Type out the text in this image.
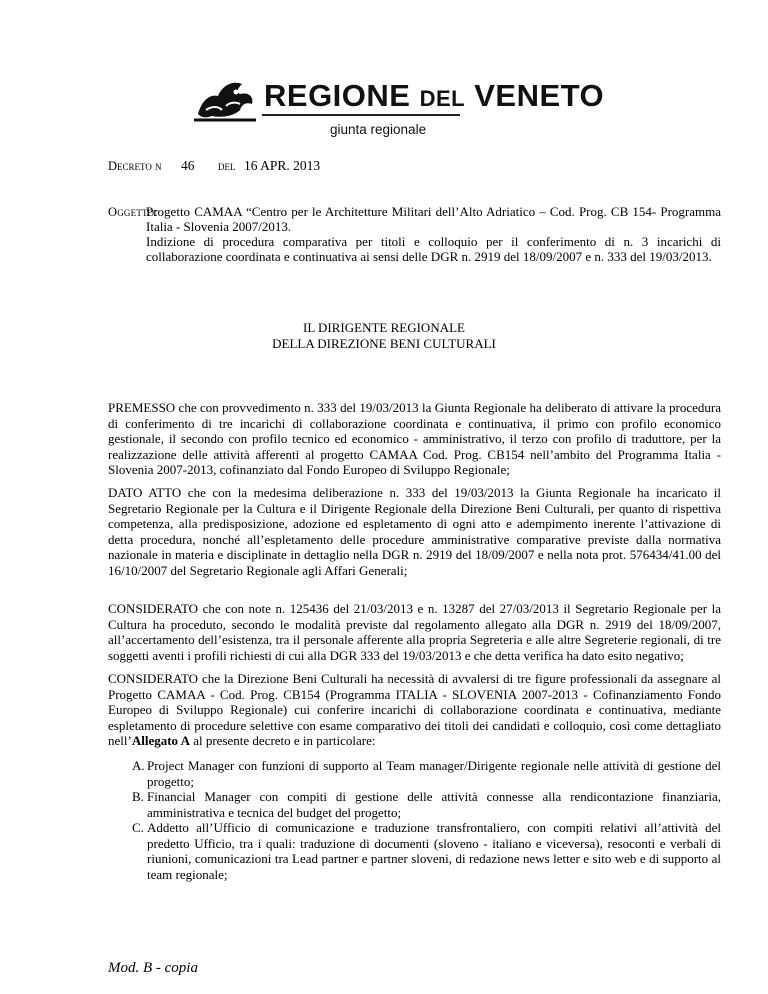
REGIONE DEL VENETO
giunta regionale
Decreto n 46 del 16 APR. 2013
Oggetto:
Progetto CAMAA “Centro per le Architetture Militari dell’Alto Adriatico – Cod. Prog. CB 154- Programma Italia - Slovenia 2007/2013.
Indizione di procedura comparativa per titoli e colloquio per il conferimento di n. 3 incarichi di collaborazione coordinata e continuativa ai sensi delle DGR n. 2919 del 18/09/2007 e n. 333 del 19/03/2013.
IL DIRIGENTE REGIONALE
DELLA DIREZIONE BENI CULTURALI
PREMESSO che con provvedimento n. 333 del 19/03/2013 la Giunta Regionale ha deliberato di attivare la procedura di conferimento di tre incarichi di collaborazione coordinata e continuativa, il primo con profilo economico gestionale, il secondo con profilo tecnico ed economico - amministrativo, il terzo con profilo di traduttore, per la realizzazione delle attività afferenti al progetto CAMAA Cod. Prog. CB154 nell’ambito del Programma Italia - Slovenia 2007-2013, cofinanziato dal Fondo Europeo di Sviluppo Regionale;
DATO ATTO che con la medesima deliberazione n. 333 del 19/03/2013 la Giunta Regionale ha incaricato il Segretario Regionale per la Cultura e il Dirigente Regionale della Direzione Beni Culturali, per quanto di rispettiva competenza, alla predisposizione, adozione ed espletamento di ogni atto e adempimento inerente l’attivazione di detta procedura, nonché all’espletamento delle procedure amministrative comparative previste dalla normativa nazionale in materia e disciplinate in dettaglio nella DGR n. 2919 del 18/09/2007 e nella nota prot. 576434/41.00 del 16/10/2007 del Segretario Regionale agli Affari Generali;
CONSIDERATO che con note n. 125436 del 21/03/2013 e n. 13287 del 27/03/2013 il Segretario Regionale per la Cultura ha proceduto, secondo le modalità previste dal regolamento allegato alla DGR n. 2919 del 18/09/2007, all’accertamento dell’esistenza, tra il personale afferente alla propria Segreteria e alle altre Segreterie regionali, di tre soggetti aventi i profili richiesti di cui alla DGR 333 del 19/03/2013 e che detta verifica ha dato esito negativo;
CONSIDERATO che la Direzione Beni Culturali ha necessità di avvalersi di tre figure professionali da assegnare al Progetto CAMAA - Cod. Prog. CB154 (Programma ITALIA - SLOVENIA 2007-2013 - Cofinanziamento Fondo Europeo di Sviluppo Regionale) cui conferire incarichi di collaborazione coordinata e continuativa, mediante espletamento di procedure selettive con esame comparativo dei titoli dei candidati e colloquio, così come dettagliato nell’Allegato A al presente decreto e in particolare:
A. Project Manager con funzioni di supporto al Team manager/Dirigente regionale nelle attività di gestione del progetto;
B. Financial Manager con compiti di gestione delle attività connesse alla rendicontazione finanziaria, amministrativa e tecnica del budget del progetto;
C. Addetto all’Ufficio di comunicazione e traduzione transfrontaliero, con compiti relativi all’attività del predetto Ufficio, tra i quali: traduzione di documenti (sloveno - italiano e viceversa), resoconti e verbali di riunioni, comunicazioni tra Lead partner e partner sloveni, di redazione news letter e sito web e di supporto al team regionale;
Mod. B - copia
